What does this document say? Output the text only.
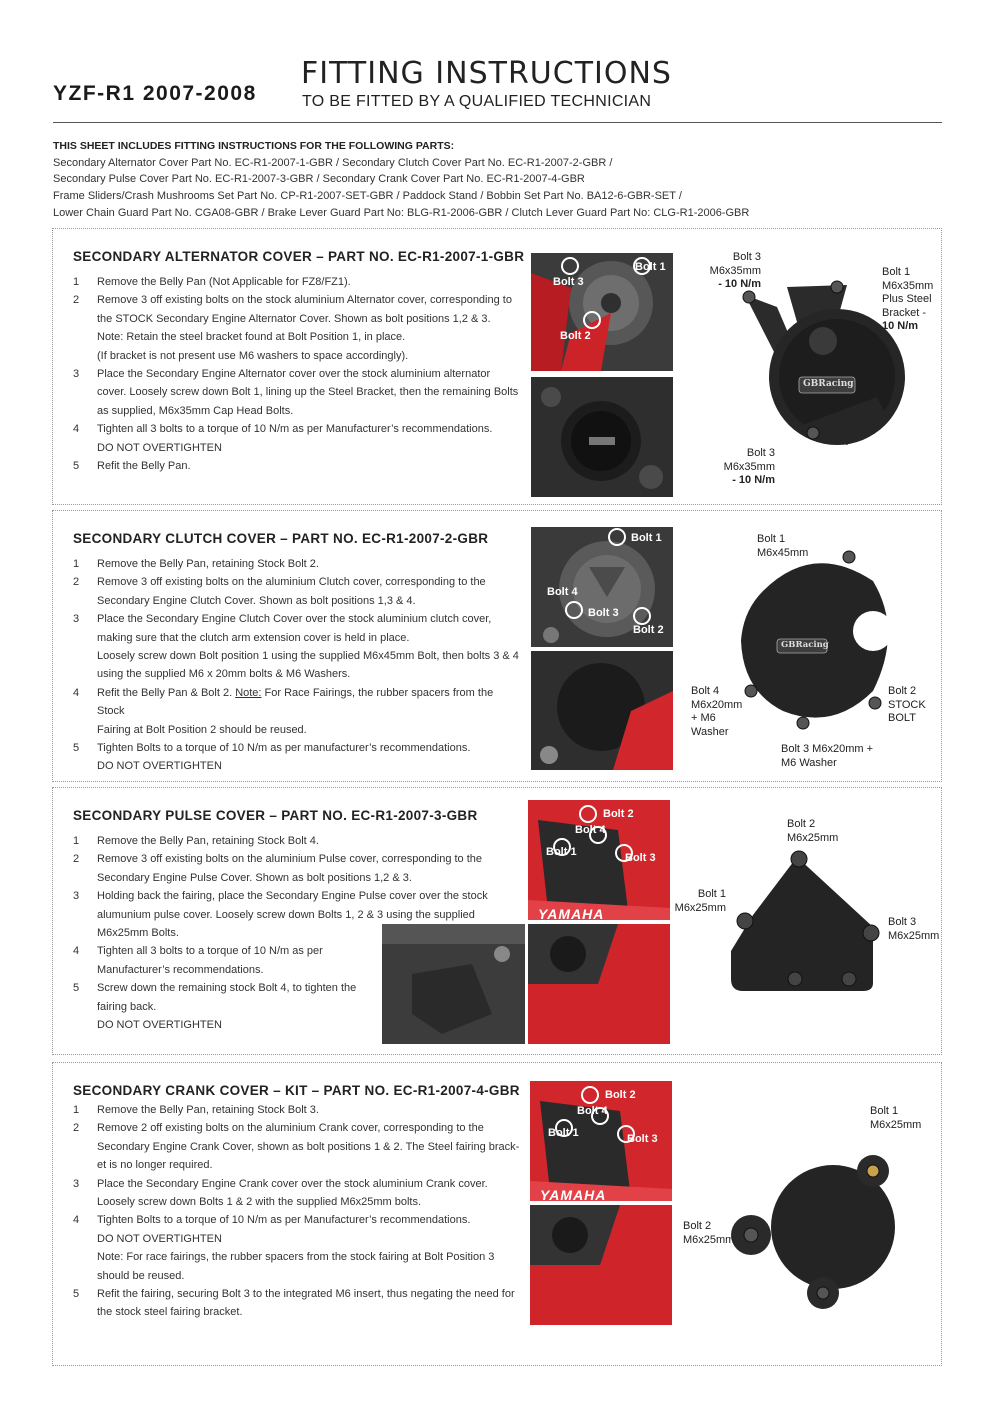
YZF-R1 2007-2008
FITTING INSTRUCTIONS
TO BE FITTED BY A QUALIFIED TECHNICIAN
THIS SHEET INCLUDES FITTING INSTRUCTIONS FOR THE FOLLOWING PARTS:
Secondary Alternator Cover Part No. EC-R1-2007-1-GBR / Secondary Clutch Cover Part No. EC-R1-2007-2-GBR /
Secondary Pulse Cover Part No. EC-R1-2007-3-GBR / Secondary Crank Cover Part No. EC-R1-2007-4-GBR
Frame Sliders/Crash Mushrooms Set Part No. CP-R1-2007-SET-GBR / Paddock Stand / Bobbin Set Part No. BA12-6-GBR-SET /
Lower Chain Guard Part No. CGA08-GBR / Brake Lever Guard Part No: BLG-R1-2006-GBR / Clutch Lever Guard Part No: CLG-R1-2006-GBR
SECONDARY ALTERNATOR COVER – PART NO. EC-R1-2007-1-GBR
1	Remove the Belly Pan (Not Applicable for FZ8/FZ1).
2	Remove 3 off existing bolts on the stock aluminium Alternator cover, corresponding to
the STOCK Secondary Engine Alternator Cover. Shown as bolt positions 1,2 & 3.
Note: Retain the steel bracket found at Bolt Position 1, in place.
(If bracket is not present use M6 washers to space accordingly).
3	Place the Secondary Engine Alternator cover over the stock aluminium alternator
cover. Loosely screw down Bolt 1, lining up the Steel Bracket, then the remaining Bolts
as supplied, M6x35mm Cap Head Bolts.
4	Tighten all 3 bolts to a torque of 10 N/m as per Manufacturer’s recommendations.
DO NOT OVERTIGHTEN
5	Refit the Belly Pan.
Bolt 1
Bolt 3
Bolt 2
GBRacing
Bolt 3
M6x35mm
- 10 N/m
Bolt 1
M6x35mm
Plus Steel
Bracket -
10 N/m
Bolt 3
M6x35mm
- 10 N/m
SECONDARY CLUTCH COVER – PART NO. EC-R1-2007-2-GBR
1	Remove the Belly Pan, retaining Stock Bolt 2.
2	Remove 3 off existing bolts on the aluminium Clutch cover, corresponding to the
Secondary Engine Clutch Cover. Shown as bolt positions 1,3 & 4.
3	Place the Secondary Engine Clutch Cover over the stock aluminium clutch cover,
making sure that the clutch arm extension cover is held in place.
Loosely screw down Bolt position 1 using the supplied M6x45mm Bolt, then bolts 3 & 4
using the supplied M6 x 20mm bolts & M6 Washers.
4	Refit the Belly Pan & Bolt 2. Note: For Race Fairings, the rubber spacers from the Stock
Fairing at Bolt Position 2 should be reused.
5	Tighten Bolts to a torque of 10 N/m as per manufacturer’s recommendations.
DO NOT OVERTIGHTEN
Bolt 1
Bolt 4
Bolt 3
Bolt 2
GBRacing
Bolt 1
M6x45mm
Bolt 4
M6x20mm
+ M6
Washer
Bolt 2
STOCK
BOLT
Bolt 3 M6x20mm +
M6 Washer
SECONDARY PULSE COVER – PART NO. EC-R1-2007-3-GBR
1	Remove the Belly Pan, retaining Stock Bolt 4.
2	Remove 3 off existing bolts on the aluminium Pulse cover, corresponding to the
Secondary Engine Pulse Cover. Shown as bolt positions 1,2 & 3.
3	Holding back the fairing, place the Secondary Engine Pulse cover over the stock
alumunium pulse cover. Loosely screw down Bolts 1, 2 & 3 using the supplied
M6x25mm Bolts.
4	Tighten all 3 bolts to a torque of 10 N/m as per
Manufacturer’s recommendations.
5	Screw down the remaining stock Bolt 4, to tighten the
fairing back.
DO NOT OVERTIGHTEN
YAMAHA
Bolt 2
Bolt 4
Bolt 1	Bolt 3
Bolt 2
M6x25mm
Bolt 1
M6x25mm
Bolt 3
M6x25mm
SECONDARY CRANK COVER – KIT – PART NO. EC-R1-2007-4-GBR
1	Remove the Belly Pan, retaining Stock Bolt 3.
2	Remove 2 off existing bolts on the aluminium Crank cover, corresponding to the
Secondary Engine Crank Cover, shown as bolt positions 1 & 2. The Steel fairing brack-
et is no longer required.
3	Place the Secondary Engine Crank cover over the stock aluminium Crank cover.
Loosely screw down Bolts 1 & 2 with the supplied M6x25mm bolts.
4	Tighten Bolts to a torque of 10 N/m as per Manufacturer’s recommendations.
DO NOT OVERTIGHTEN
Note: For race fairings, the rubber spacers from the stock fairing at Bolt Position 3
should be reused.
5	Refit the fairing, securing Bolt 3 to the integrated M6 insert, thus negating the need for
the stock steel fairing bracket.
YAMAHA
Bolt 2
Bolt 4
Bolt 1	Bolt 3
Bolt 1
M6x25mm
Bolt 2
M6x25mm
